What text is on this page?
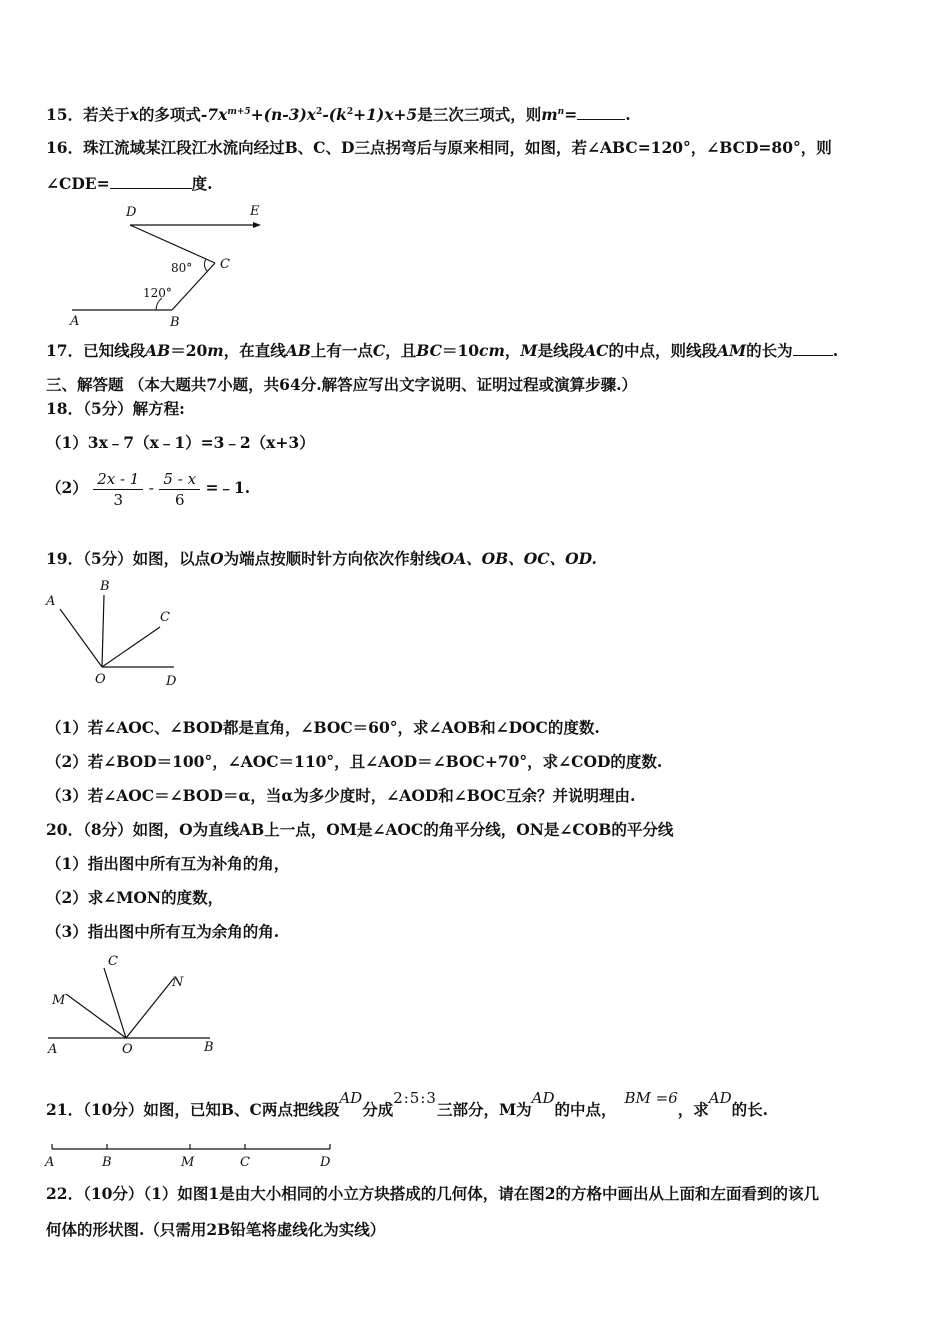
15．若关于x的多项式$-7x^{m+5}+(n-3)x^2-(k^2+1)x+5$是三次三项式，则$m^n=$	.
16．珠江流域某江段江水流向经过B、C、D三点拐弯后与原来相同，如图，若∠ABC=120°，∠BCD=80°，则
∠CDE=	度.
D	E
C
A	B
80°
120°
17．已知线段AB＝20m，在直线AB上有一点C，且BC＝10cm，M是线段AC的中点，则线段AM的长为	.
三、解答题 （本大题共7小题，共64分.解答应写出文字说明、证明过程或演算步骤.）
18．（5分）解方程:
（1）3x﹣7（x﹣1）=3﹣2（x+3）
$(2) \frac{2x - 1}{3} - \frac{5 - x}{6}$ =﹣1.
19．（5分）如图，以点O为端点按顺时针方向依次作射线OA、OB、OC、OD.
A
B
C
O	D
（1）若∠AOC、∠BOD都是直角，∠BOC＝60°，求∠AOB和∠DOC的度数.
（2）若∠BOD＝100°，∠AOC＝110°，且∠AOD＝∠BOC+70°，求∠COD的度数.
（3）若∠AOC＝∠BOD＝α，当α为多少度时，∠AOD和∠BOC互余？并说明理由.
20．（8分）如图，O为直线AB上一点，OM是∠AOC的角平分线，ON是∠COB的平分线
（1）指出图中所有互为补角的角，
（2）求∠MON的度数，
（3）指出图中所有互为余角的角.
C
N
M
A	O	B
21．（10分）如图，已知B、C两点把线段AD分成2:5:3三部分，M为AD的中点，BM =6，求AD的长.
A	B	M	C	D
22．（10分）（1）如图1是由大小相同的小立方块搭成的几何体，请在图2的方格中画出从上面和左面看到的该几
何体的形状图.（只需用2B铅笔将虚线化为实线）
